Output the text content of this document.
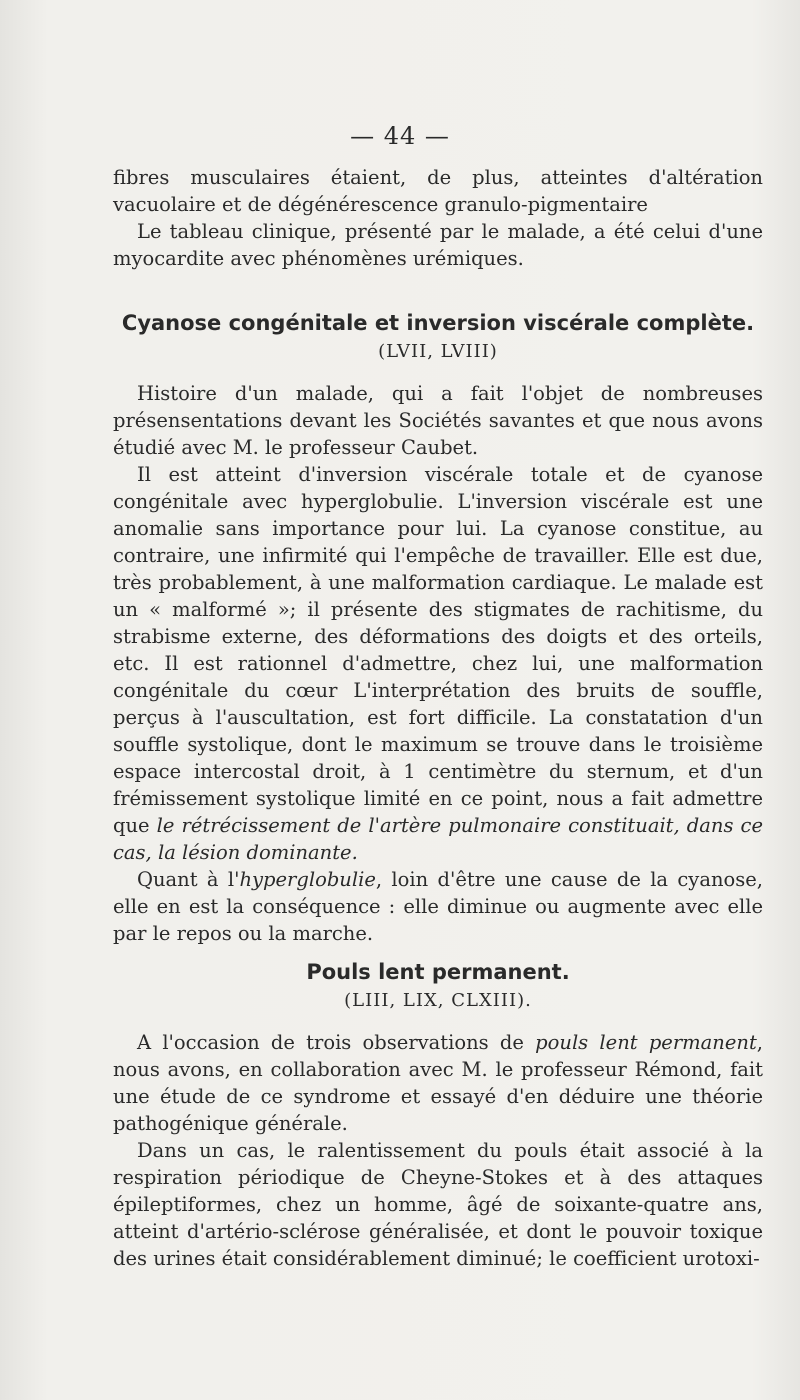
— 44 —

fibres musculaires étaient, de plus, atteintes d'altération vacuolaire et de dégénérescence granulo-pigmentaire

Le tableau clinique, présenté par le malade, a été celui d'une myocardite avec phénomènes urémiques.

Cyanose congénitale et inversion viscérale complète.
(LVII, LVIII)

Histoire d'un malade, qui a fait l'objet de nombreuses présensentations devant les Sociétés savantes et que nous avons étudié avec M. le professeur Caubet.

Il est atteint d'inversion viscérale totale et de cyanose congénitale avec hyperglobulie. L'inversion viscérale est une anomalie sans importance pour lui. La cyanose constitue, au contraire, une infirmité qui l'empêche de travailler. Elle est due, très probablement, à une malformation cardiaque. Le malade est un « malformé »; il présente des stigmates de rachitisme, du strabisme externe, des déformations des doigts et des orteils, etc. Il est rationnel d'admettre, chez lui, une malformation congénitale du cœur L'interprétation des bruits de souffle, perçus à l'auscultation, est fort difficile. La constatation d'un souffle systolique, dont le maximum se trouve dans le troisième espace intercostal droit, à 1 centimètre du sternum, et d'un frémissement systolique limité en ce point, nous a fait admettre que le rétrécissement de l'artère pulmonaire constituait, dans ce cas, la lésion dominante.

Quant à l'hyperglobulie, loin d'être une cause de la cyanose, elle en est la conséquence : elle diminue ou augmente avec elle par le repos ou la marche.

Pouls lent permanent.
(LIII, LIX, CLXIII).

A l'occasion de trois observations de pouls lent permanent, nous avons, en collaboration avec M. le professeur Rémond, fait une étude de ce syndrome et essayé d'en déduire une théorie pathogénique générale.

Dans un cas, le ralentissement du pouls était associé à la respiration périodique de Cheyne-Stokes et à des attaques épileptiformes, chez un homme, âgé de soixante-quatre ans, atteint d'artério-sclérose généralisée, et dont le pouvoir toxique des urines était considérablement diminué; le coefficient urotoxi-
